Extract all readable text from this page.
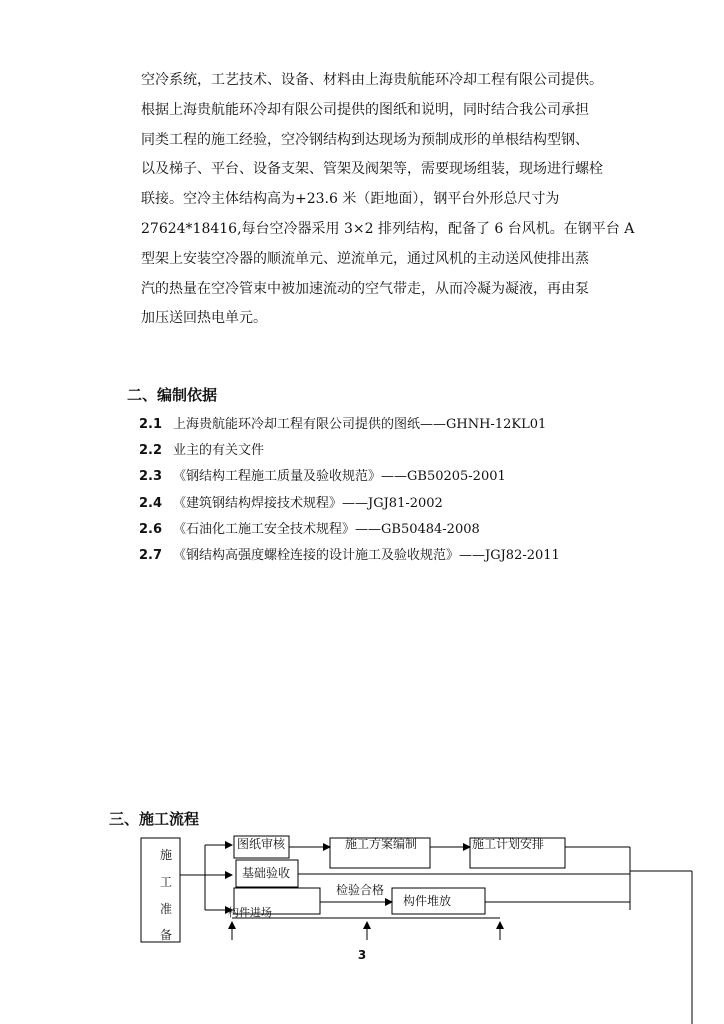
空冷系统，工艺技术、设备、材料由上海贵航能环冷却工程有限公司提供。
根据上海贵航能环冷却有限公司提供的图纸和说明，同时结合我公司承担
同类工程的施工经验，空冷钢结构到达现场为预制成形的单根结构型钢、
以及梯子、平台、设备支架、管架及阀架等，需要现场组装，现场进行螺栓
联接。空冷主体结构高为+23.6 米（距地面），钢平台外形总尺寸为
27624*18416,每台空冷器采用 3×2 排列结构，配备了 6 台风机。在钢平台 A
型架上安装空冷器的顺流单元、逆流单元，通过风机的主动送风使排出蒸
汽的热量在空冷管束中被加速流动的空气带走，从而冷凝为凝液，再由泵
加压送回热电单元。

二、编制依据
2.1 上海贵航能环冷却工程有限公司提供的图纸——GHNH-12KL01
2.2 业主的有关文件
2.3 《钢结构工程施工质量及验收规范》——GB50205-2001
2.4 《建筑钢结构焊接技术规程》——JGJ81-2002
2.6 《石油化工施工安全技术规程》——GB50484-2008
2.7 《钢结构高强度螺栓连接的设计施工及验收规范》——JGJ82-2011
三、施工流程
施
工
准
备
图纸审核	施工方案编制	施工计划安排
基础验收
检验合格
构件堆放
构件进场
3
